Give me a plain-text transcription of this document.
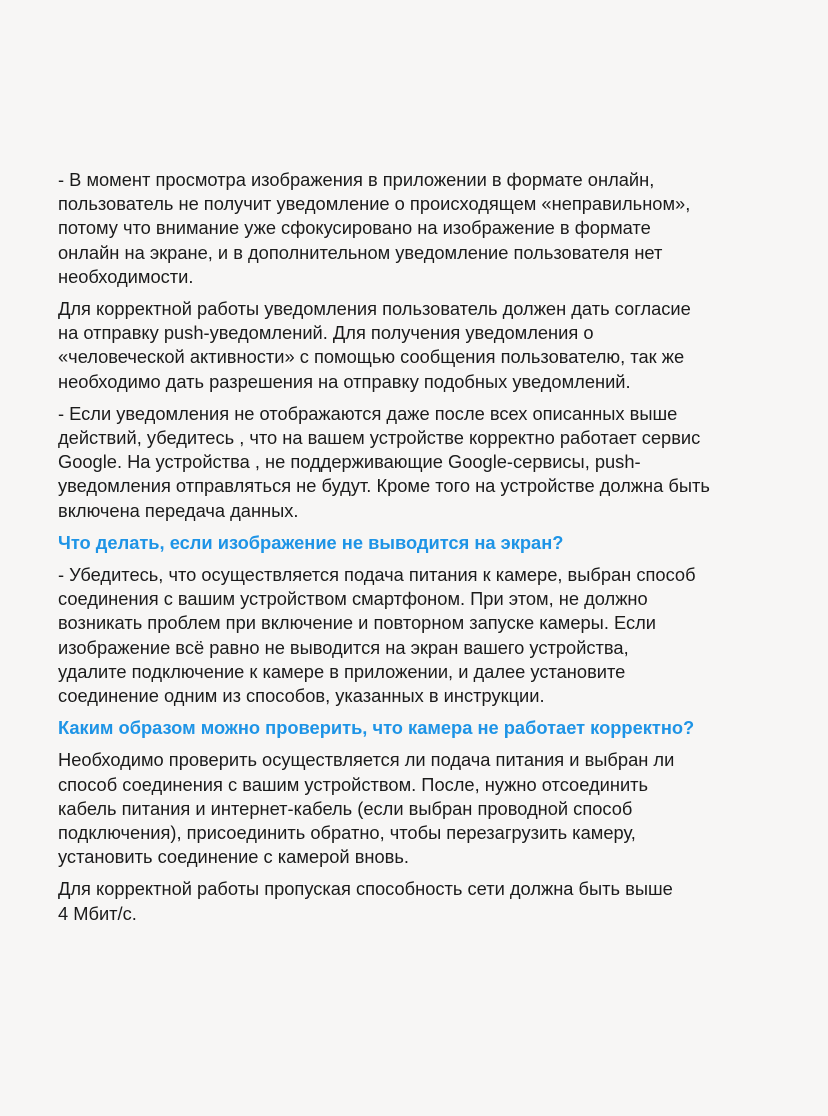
- В момент просмотра изображения в приложении в формате онлайн,
пользователь не получит уведомление о происходящем «неправильном»,
потому что внимание уже сфокусировано на изображение в формате
онлайн на экране, и в дополнительном уведомление пользователя нет
необходимости.

Для корректной работы уведомления пользователь должен дать согласие
на отправку push-уведомлений. Для получения уведомления о
«человеческой активности» с помощью сообщения пользователю, так же
необходимо дать разрешения на отправку подобных уведомлений.

- Если уведомления не отображаются даже после всех описанных выше
действий, убедитесь , что на вашем устройстве корректно работает сервис
Google. На устройства , не поддерживающие Google-сервисы, push-
уведомления отправляться не будут. Кроме того на устройстве должна быть
включена передача данных.

Что делать, если изображение не выводится на экран?

- Убедитесь, что осуществляется подача питания к камере, выбран способ
соединения с вашим устройством смартфоном. При этом, не должно
возникать проблем при включение и повторном запуске камеры. Если
изображение всё равно не выводится на экран вашего устройства,
удалите подключение к камере в приложении, и далее установите
соединение одним из способов, указанных в инструкции.

Каким образом можно проверить, что камера не работает корректно?

Необходимо проверить осуществляется ли подача питания и выбран ли
способ соединения с вашим устройством. После, нужно отсоединить
кабель питания и интернет-кабель (если выбран проводной способ
подключения), присоединить обратно, чтобы перезагрузить камеру,
установить соединение с камерой вновь.

Для корректной работы пропуская способность сети должна быть выше
4 Мбит/с.
